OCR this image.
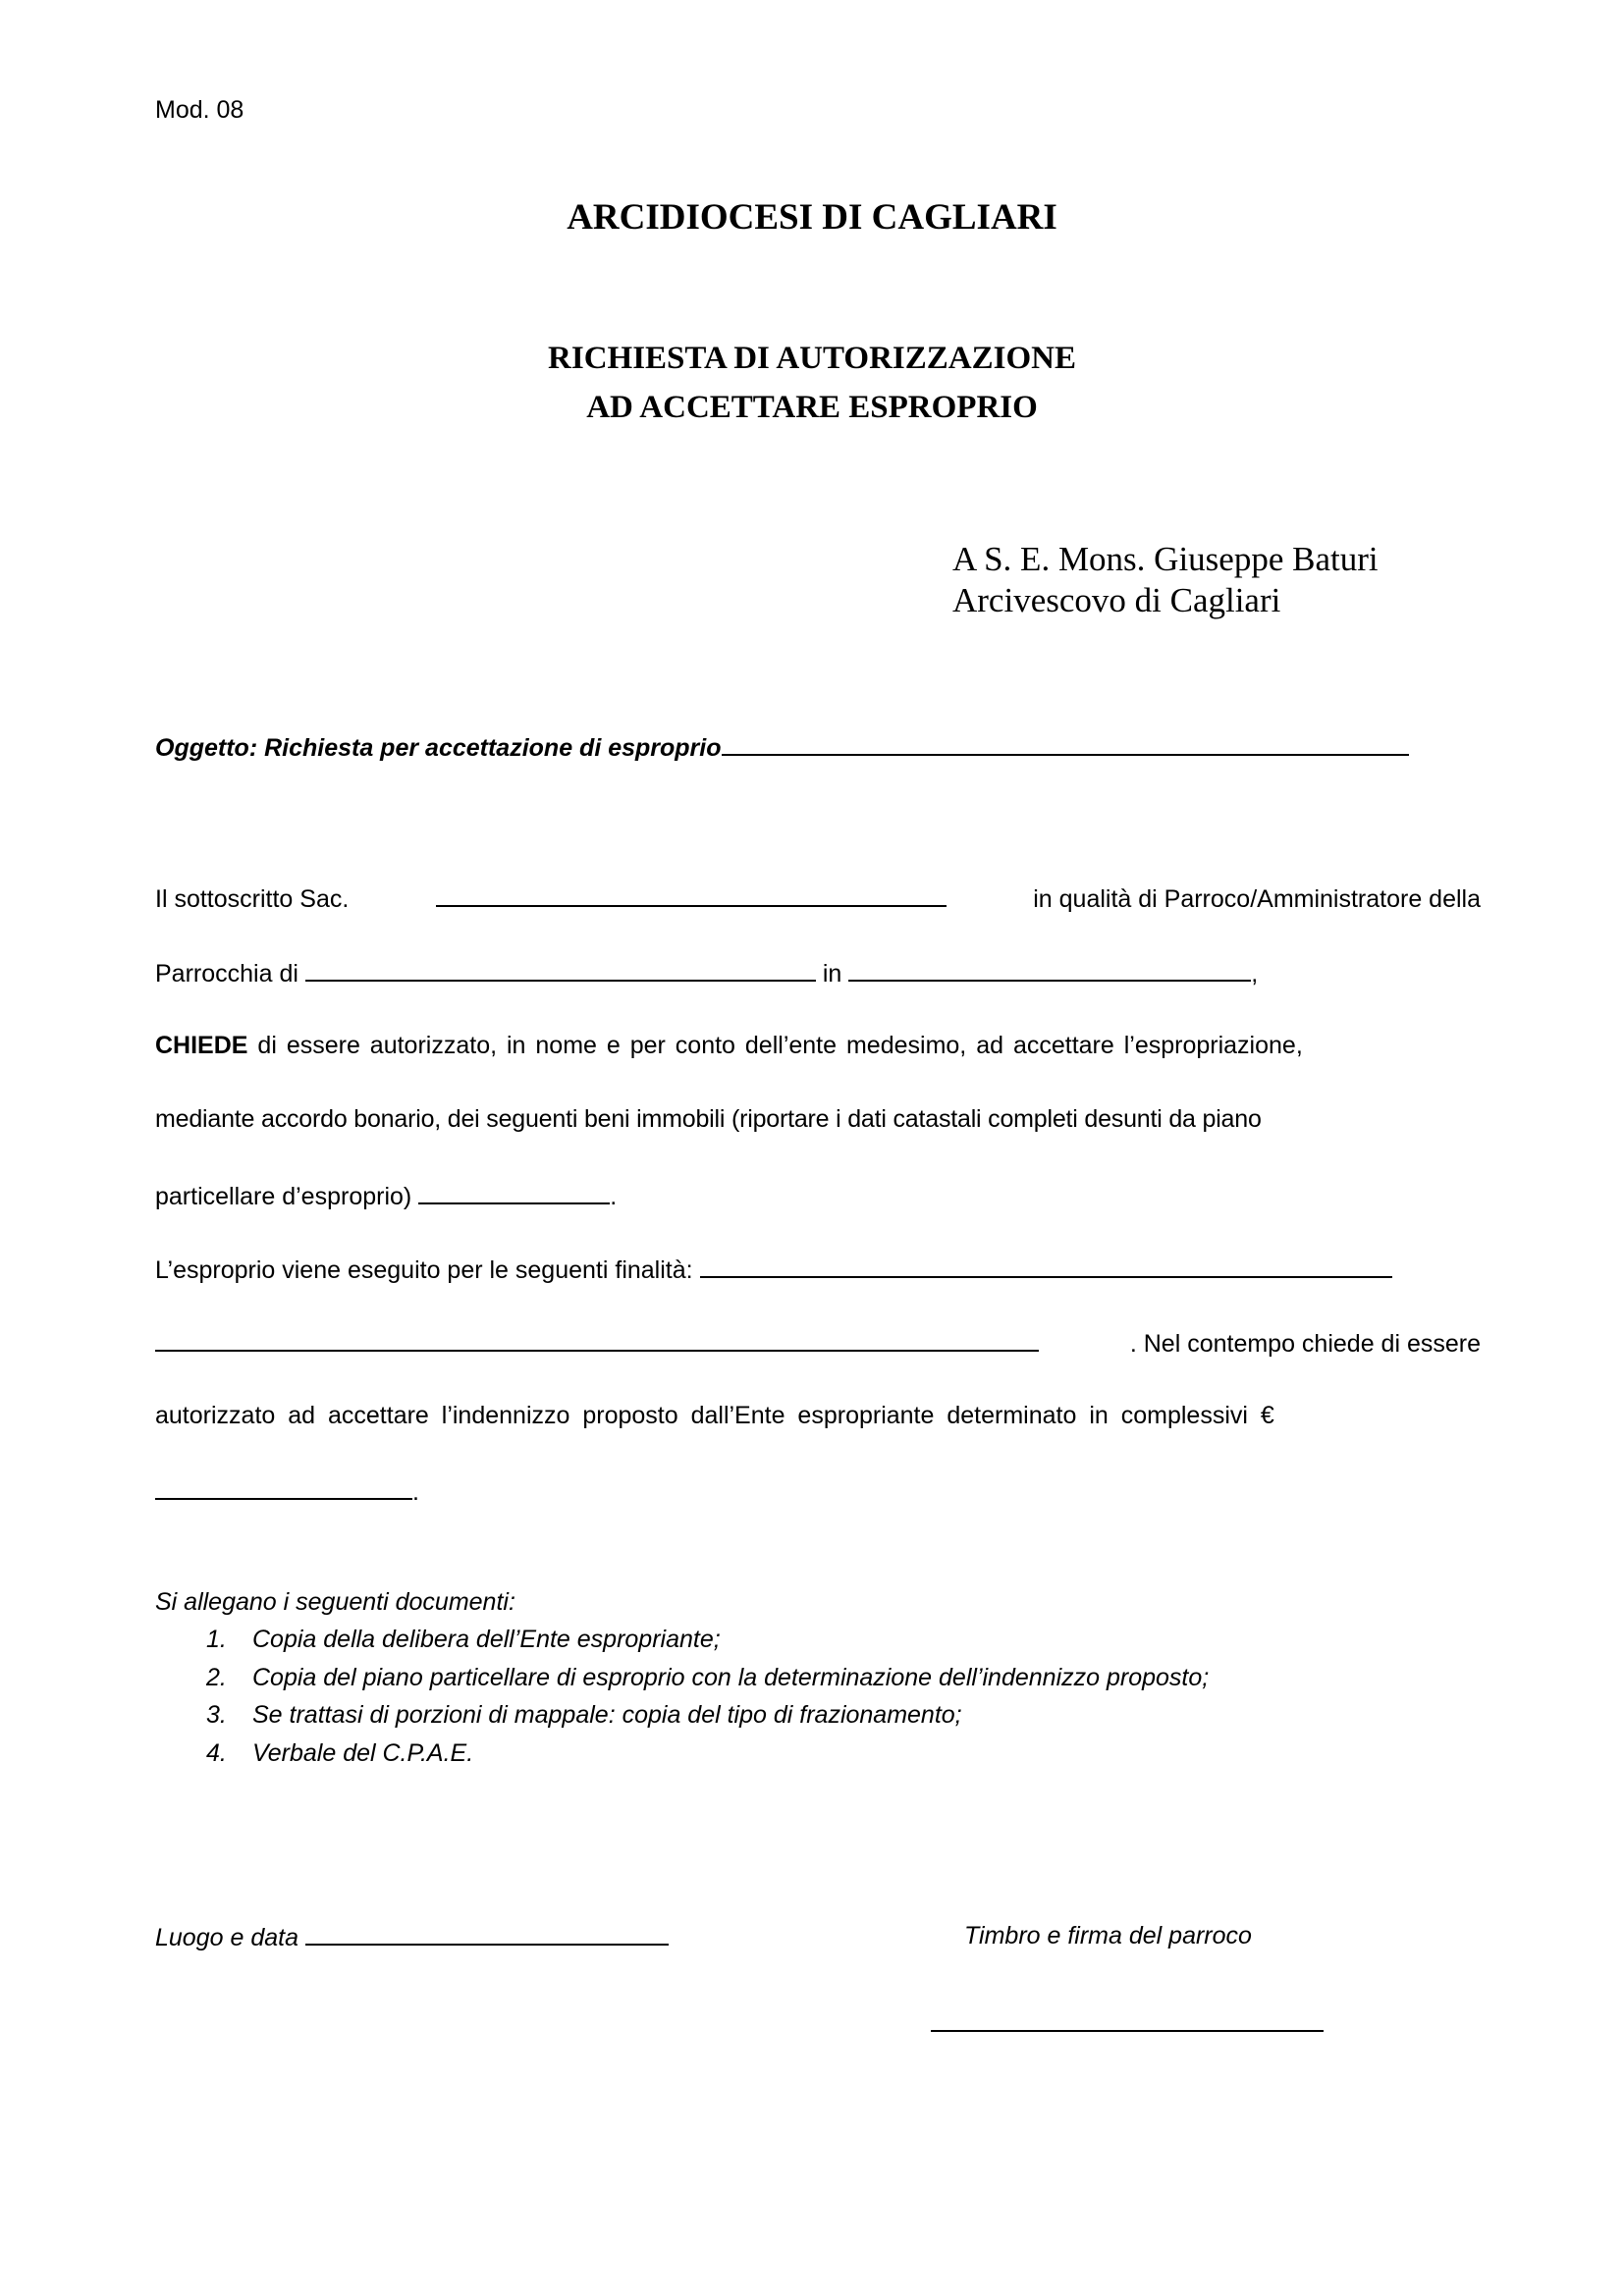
Mod. 08
ARCIDIOCESI DI CAGLIARI
RICHIESTA DI AUTORIZZAZIONE
AD ACCETTARE ESPROPRIO
A S. E. Mons. Giuseppe Baturi
Arcivescovo di Cagliari
Oggetto: Richiesta per accettazione di esproprio
Il sottoscritto Sac.	in qualità di Parroco/Amministratore della
Parrocchia di	in	,
CHIEDE di essere autorizzato, in nome e per conto dell’ente medesimo, ad accettare l’espropriazione,
mediante accordo bonario, dei seguenti beni immobili (riportare i dati catastali completi desunti da piano
particellare d’esproprio)	.
L’esproprio viene eseguito per le seguenti finalità:
. Nel contempo chiede di essere
autorizzato ad accettare l’indennizzo proposto dall’Ente espropriante determinato in complessivi €
.
Si allegano i seguenti documenti:
1. Copia della delibera dell’Ente espropriante;
2. Copia del piano particellare di esproprio con la determinazione dell’indennizzo proposto;
3. Se trattasi di porzioni di mappale: copia del tipo di frazionamento;
4. Verbale del C.P.A.E.
Luogo e data	Timbro e firma del parroco
